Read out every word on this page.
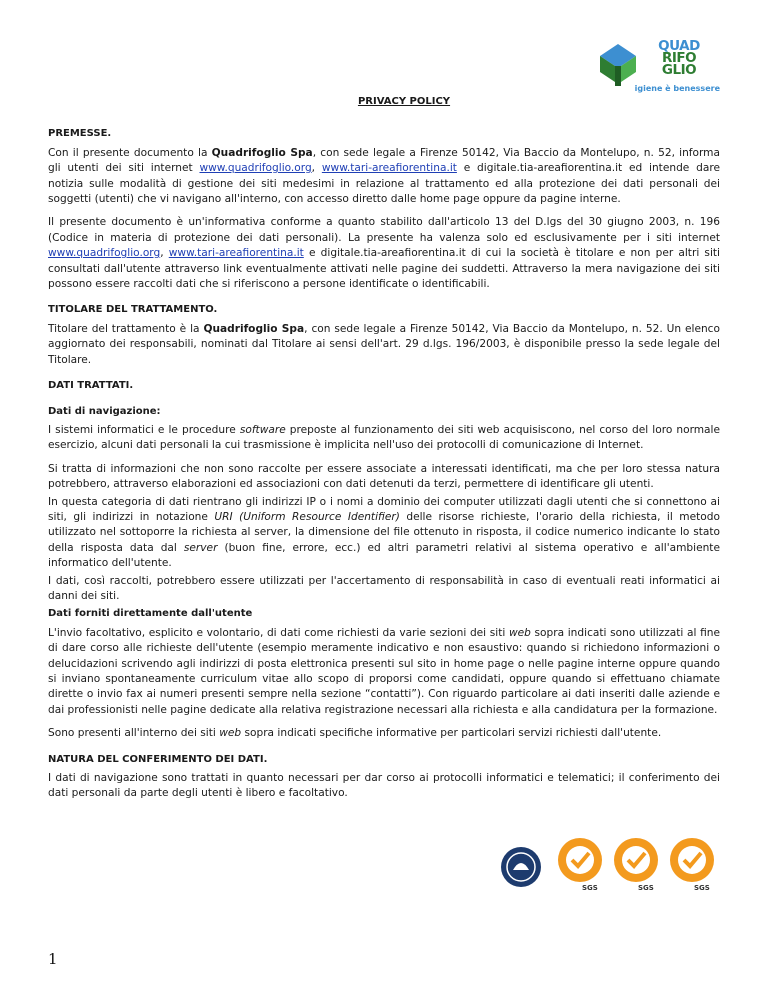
QUAD
RIFO
GLIO
igiene è benessere
PRIVACY POLICY
PREMESSE.

Con il presente documento la Quadrifoglio Spa, con sede legale a Firenze 50142, Via Baccio da Montelupo, n. 52, informa gli utenti dei siti internet www.quadrifoglio.org, www.tari-areafiorentina.it e digitale.tia-areafiorentina.it ed intende dare notizia sulle modalità di gestione dei siti medesimi in relazione al trattamento ed alla protezione dei dati personali dei soggetti (utenti) che vi navigano all'interno, con accesso diretto dalle home page oppure da pagine interne.

Il presente documento è un'informativa conforme a quanto stabilito dall'articolo 13 del D.lgs del 30 giugno 2003, n. 196 (Codice in materia di protezione dei dati personali). La presente ha valenza solo ed esclusivamente per i siti internet www.quadrifoglio.org, www.tari-areafiorentina.it e digitale.tia-areafiorentina.it di cui la società è titolare e non per altri siti consultati dall'utente attraverso link eventualmente attivati nelle pagine dei suddetti. Attraverso la mera navigazione dei siti possono essere raccolti dati che si riferiscono a persone identificate o identificabili.

TITOLARE DEL TRATTAMENTO.

Titolare del trattamento è la Quadrifoglio Spa, con sede legale a Firenze 50142, Via Baccio da Montelupo, n. 52. Un elenco aggiornato dei responsabili, nominati dal Titolare ai sensi dell'art. 29 d.lgs. 196/2003, è disponibile presso la sede legale del Titolare.

DATI TRATTATI.
Dati di navigazione:

I sistemi informatici e le procedure software preposte al funzionamento dei siti web acquisiscono, nel corso del loro normale esercizio, alcuni dati personali la cui trasmissione è implicita nell'uso dei protocolli di comunicazione di Internet.

Si tratta di informazioni che non sono raccolte per essere associate a interessati identificati, ma che per loro stessa natura potrebbero, attraverso elaborazioni ed associazioni con dati detenuti da terzi, permettere di identificare gli utenti.

In questa categoria di dati rientrano gli indirizzi IP o i nomi a dominio dei computer utilizzati dagli utenti che si connettono ai siti, gli indirizzi in notazione URI (Uniform Resource Identifier) delle risorse richieste, l'orario della richiesta, il metodo utilizzato nel sottoporre la richiesta al server, la dimensione del file ottenuto in risposta, il codice numerico indicante lo stato della risposta data dal server (buon fine, errore, ecc.) ed altri parametri relativi al sistema operativo e all'ambiente informatico dell'utente.

I dati, così raccolti, potrebbero essere utilizzati per l'accertamento di responsabilità in caso di eventuali reati informatici ai danni dei siti.

Dati forniti direttamente dall'utente

L'invio facoltativo, esplicito e volontario, di dati come richiesti da varie sezioni dei siti web sopra indicati sono utilizzati al fine di dare corso alle richieste dell'utente (esempio meramente indicativo e non esaustivo: quando si richiedono informazioni o delucidazioni scrivendo agli indirizzi di posta elettronica presenti sul sito in home page o nelle pagine interne oppure quando si inviano spontaneamente curriculum vitae allo scopo di proporsi come candidati, oppure quando si effettuano chiamate dirette o invio fax ai numeri presenti sempre nella sezione “contatti”). Con riguardo particolare ai dati inseriti dalle aziende e dai professionisti nelle pagine dedicate alla relativa registrazione necessari alla richiesta e alla candidatura per la formazione.

Sono presenti all'interno dei siti web sopra indicati specifiche informative per particolari servizi richiesti dall'utente.

NATURA DEL CONFERIMENTO DEI DATI.

I dati di navigazione sono trattati in quanto necessari per dar corso ai protocolli informatici e telematici; il conferimento dei dati personali da parte degli utenti è libero e facoltativo.

SGS	SGS	SGS
1
